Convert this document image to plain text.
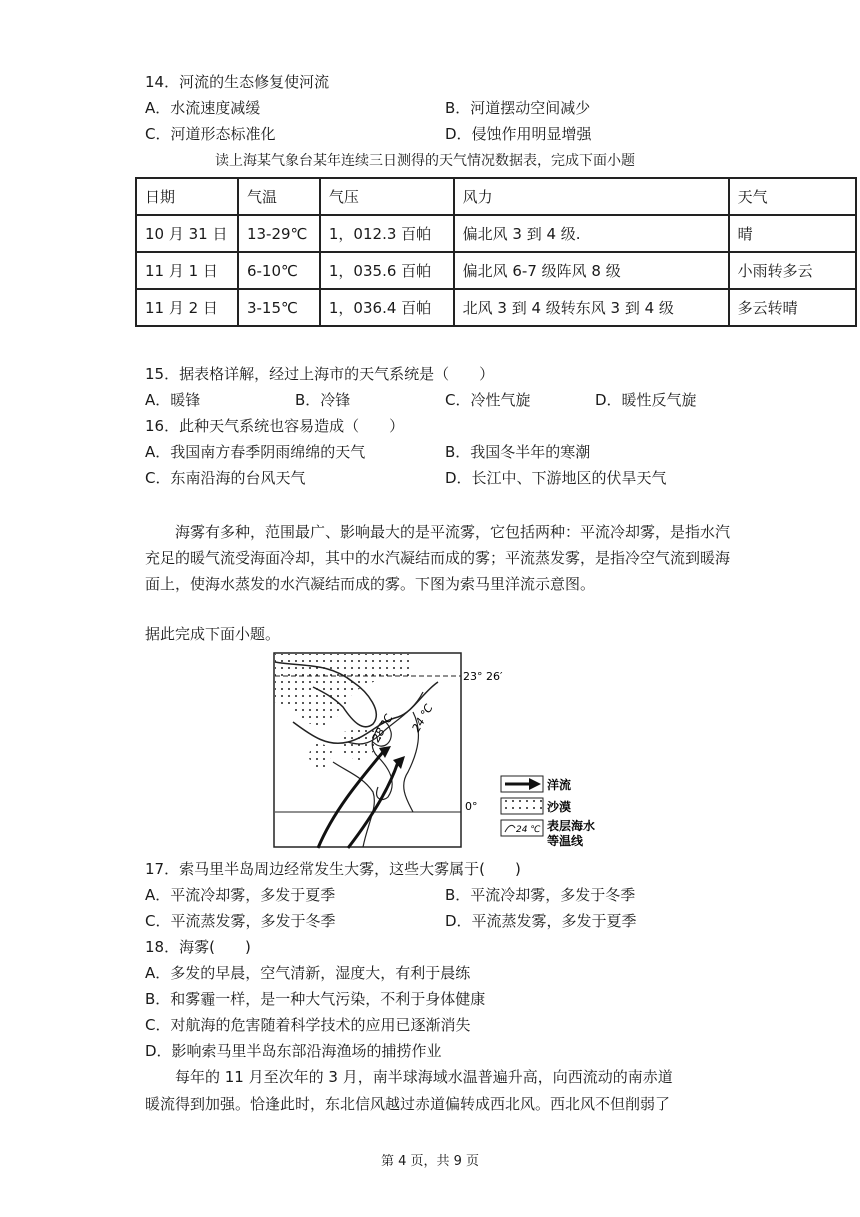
14．河流的生态修复使河流
A．水流速度减缓	B．河道摆动空间减少
C．河道形态标准化	D．侵蚀作用明显增强
读上海某气象台某年连续三日测得的天气情况数据表，完成下面小题
日期	气温	气压	风力	天气
10 月 31 日	13-29℃	1，012.3 百帕	偏北风 3 到 4 级.	晴
11 月 1 日	6-10℃	1，035.6 百帕	偏北风 6-7 级阵风 8 级	小雨转多云
11 月 2 日	3-15℃	1，036.4 百帕	北风 3 到 4 级转东风 3 到 4 级	多云转晴
15．据表格详解，经过上海市的天气系统是（　　）
A．暖锋	B．冷锋	C．冷性气旋	D．暖性反气旋
16．此种天气系统也容易造成（　　）
A．我国南方春季阴雨绵绵的天气	B．我国冬半年的寒潮
C．东南沿海的台风天气	D．长江中、下游地区的伏旱天气
海雾有多种，范围最广、影响最大的是平流雾，它包括两种：平流冷却雾，是指水汽充足的暖气流受海面冷却，其中的水汽凝结而成的雾；平流蒸发雾，是指冷空气流到暖海面上，使海水蒸发的水汽凝结而成的雾。下图为索马里洋流示意图。
据此完成下面小题。
23° 26′
0°
28 ℃ 24 ℃
洋流
沙漠
24 ℃ 表层海水
等温线
17．索马里半岛周边经常发生大雾，这些大雾属于(　　)
A．平流冷却雾，多发于夏季	B．平流冷却雾，多发于冬季
C．平流蒸发雾，多发于冬季	D．平流蒸发雾，多发于夏季
18．海雾(　　)
A．多发的早晨，空气清新，湿度大，有利于晨练
B．和雾霾一样，是一种大气污染，不利于身体健康
C．对航海的危害随着科学技术的应用已逐渐消失
D．影响索马里半岛东部沿海渔场的捕捞作业
每年的 11 月至次年的 3 月，南半球海域水温普遍升高，向西流动的南赤道
暖流得到加强。恰逢此时，东北信风越过赤道偏转成西北风。西北风不但削弱了
第 4 页，共 9 页
